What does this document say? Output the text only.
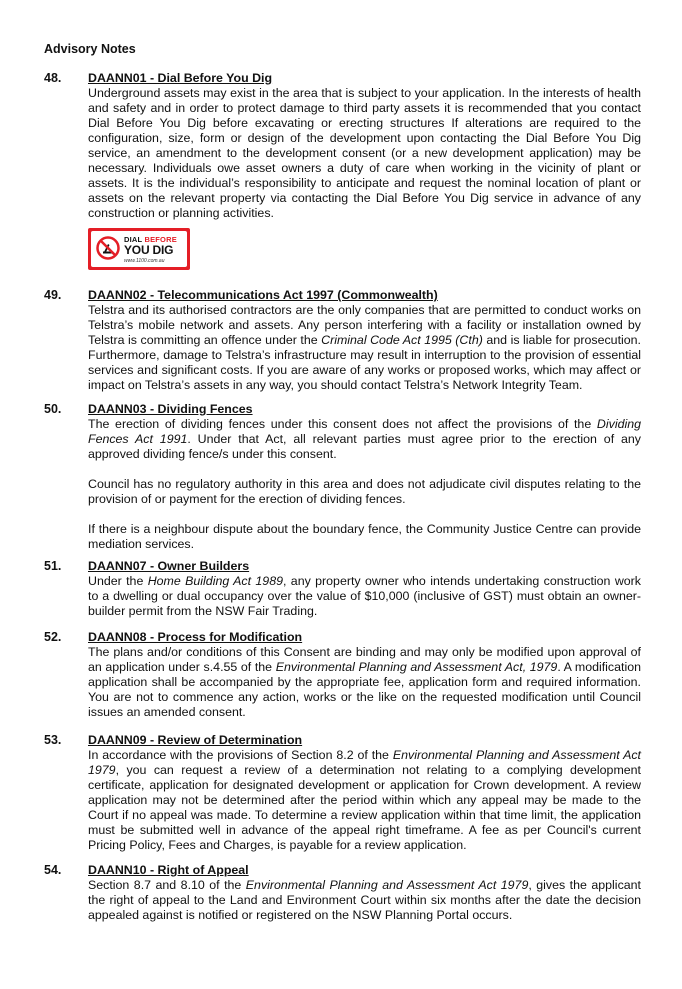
Advisory Notes
48. DAANN01 - Dial Before You Dig

Underground assets may exist in the area that is subject to your application. In the interests of health and safety and in order to protect damage to third party assets it is recommended that you contact Dial Before You Dig before excavating or erecting structures If alterations are required to the configuration, size, form or design of the development upon contacting the Dial Before You Dig service, an amendment to the development consent (or a new development application) may be necessary. Individuals owe asset owners a duty of care when working in the vicinity of plant or assets. It is the individual’s responsibility to anticipate and request the nominal location of plant or assets on the relevant property via contacting the Dial Before You Dig service in advance of any construction or planning activities.

DIAL BEFORE
YOU DIG
www.1100.com.au
49. DAANN02 - Telecommunications Act 1997 (Commonwealth)

Telstra and its authorised contractors are the only companies that are permitted to conduct works on Telstra’s mobile network and assets. Any person interfering with a facility or installation owned by Telstra is committing an offence under the Criminal Code Act 1995 (Cth) and is liable for prosecution. Furthermore, damage to Telstra’s infrastructure may result in interruption to the provision of essential services and significant costs. If you are aware of any works or proposed works, which may affect or impact on Telstra’s assets in any way, you should contact Telstra’s Network Integrity Team.

50. DAANN03 - Dividing Fences

The erection of dividing fences under this consent does not affect the provisions of the Dividing Fences Act 1991. Under that Act, all relevant parties must agree prior to the erection of any approved dividing fence/s under this consent.

Council has no regulatory authority in this area and does not adjudicate civil disputes relating to the provision of or payment for the erection of dividing fences.

If there is a neighbour dispute about the boundary fence, the Community Justice Centre can provide mediation services.

51. DAANN07 - Owner Builders

Under the Home Building Act 1989, any property owner who intends undertaking construction work to a dwelling or dual occupancy over the value of $10,000 (inclusive of GST) must obtain an owner-builder permit from the NSW Fair Trading.

52. DAANN08 - Process for Modification

The plans and/or conditions of this Consent are binding and may only be modified upon approval of an application under s.4.55 of the Environmental Planning and Assessment Act, 1979. A modification application shall be accompanied by the appropriate fee, application form and required information. You are not to commence any action, works or the like on the requested modification until Council issues an amended consent.

53. DAANN09 - Review of Determination

In accordance with the provisions of Section 8.2 of the Environmental Planning and Assessment Act 1979, you can request a review of a determination not relating to a complying development certificate, application for designated development or application for Crown development. A review application may not be determined after the period within which any appeal may be made to the Court if no appeal was made. To determine a review application within that time limit, the application must be submitted well in advance of the appeal right timeframe. A fee as per Council's current Pricing Policy, Fees and Charges, is payable for a review application.

54. DAANN10 - Right of Appeal

Section 8.7 and 8.10 of the Environmental Planning and Assessment Act 1979, gives the applicant the right of appeal to the Land and Environment Court within six months after the date the decision appealed against is notified or registered on the NSW Planning Portal occurs.
